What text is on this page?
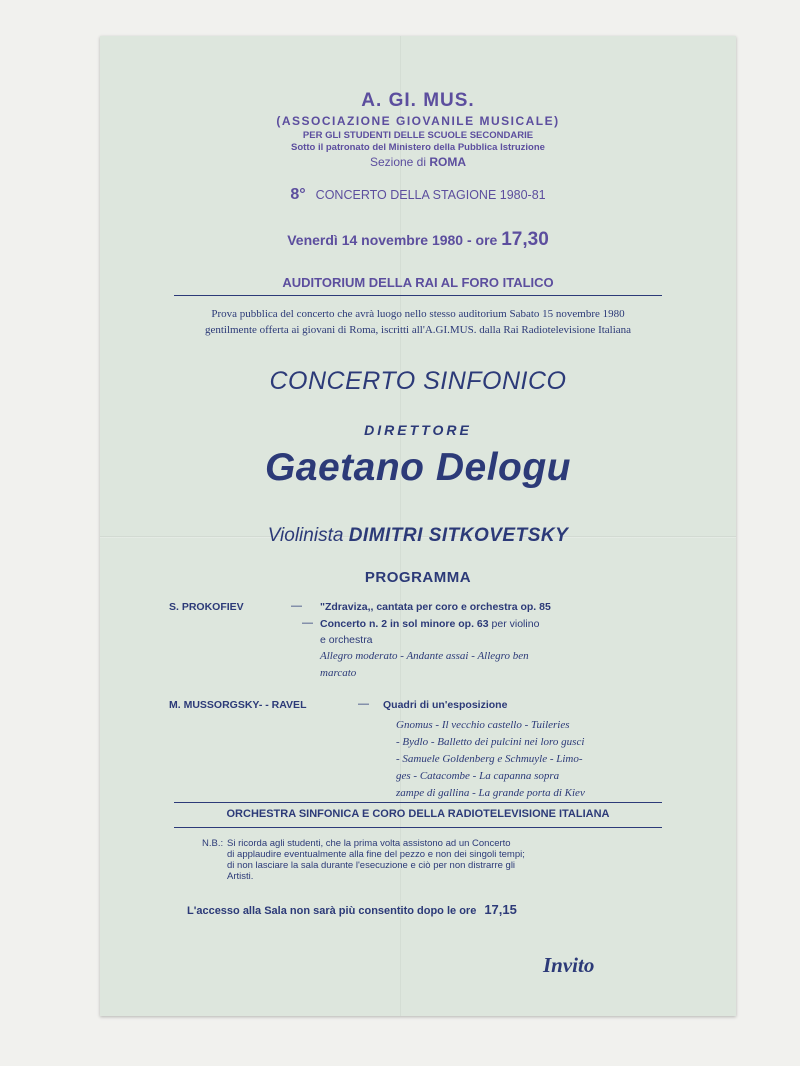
A. GI. MUS.
(ASSOCIAZIONE GIOVANILE MUSICALE)
PER GLI STUDENTI DELLE SCUOLE SECONDARIE
Sotto il patronato del Ministero della Pubblica Istruzione
Sezione di ROMA
8° CONCERTO DELLA STAGIONE 1980-81
Venerdì 14 novembre 1980 - ore 17,30
AUDITORIUM DELLA RAI AL FORO ITALICO
Prova pubblica del concerto che avrà luogo nello stesso auditorium Sabato 15 novembre 1980
gentilmente offerta ai giovani di Roma, iscritti all'A.GI.MUS. dalla Rai Radiotelevisione Italiana
CONCERTO SINFONICO
DIRETTORE
Gaetano Delogu
Violinista DIMITRI SITKOVETSKY
PROGRAMMA
S. PROKOFIEV	— "Zdraviza,, cantata per coro e orchestra op. 85
— Concerto n. 2 in sol minore op. 63 per violino
e orchestra
Allegro moderato - Andante assai - Allegro ben
marcato
M. MUSSORGSKY- - RAVEL	— Quadri di un'esposizione
Gnomus - Il vecchio castello - Tuileries
- Bydlo - Balletto dei pulcini nei loro gusci
- Samuele Goldenberg e Schmuyle - Limo-
ges - Catacombe - La capanna sopra
zampe di gallina - La grande porta di Kiev
ORCHESTRA SINFONICA E CORO DELLA RADIOTELEVISIONE ITALIANA
N.B.: Si ricorda agli studenti, che la prima volta assistono ad un Concerto
di applaudire eventualmente alla fine del pezzo e non dei singoli tempi;
di non lasciare la sala durante l'esecuzione e ciò per non distrarre gli
Artisti.
L'accesso alla Sala non sarà più consentito dopo le ore 17,15
Invito
